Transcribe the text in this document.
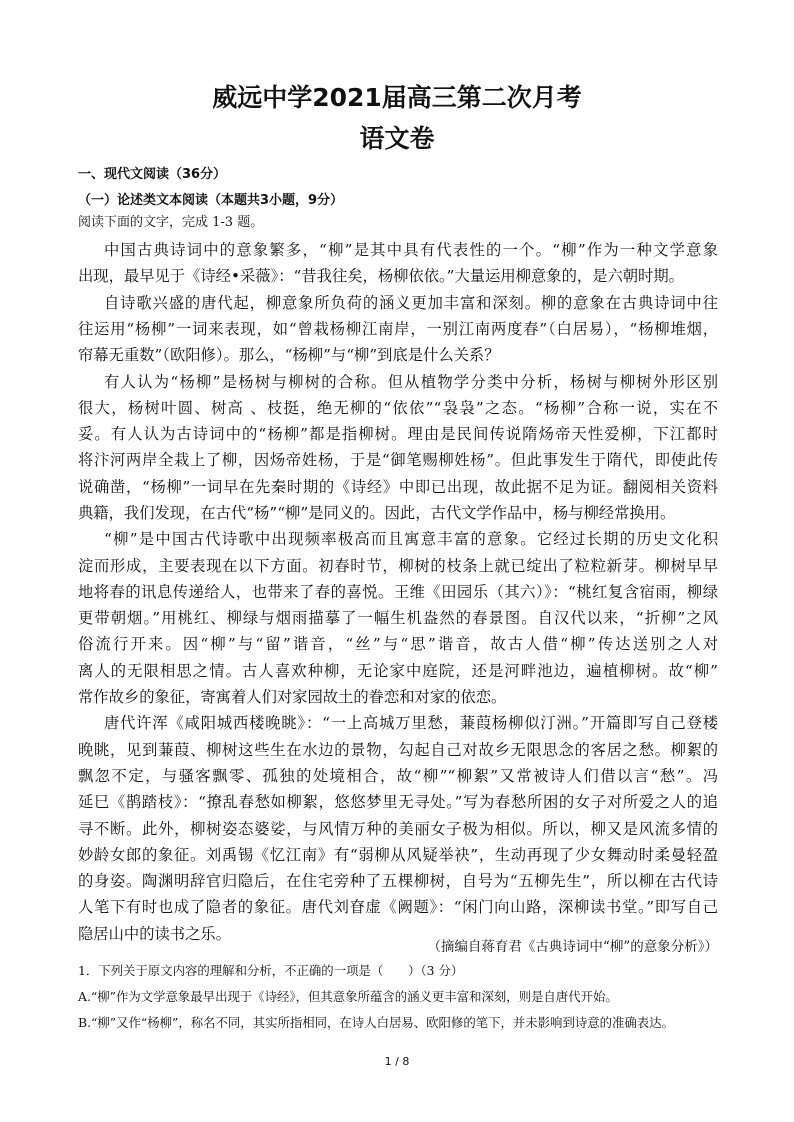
威远中学2021届高三第二次月考
语文卷
一、现代文阅读（36分）
（一）论述类文本阅读（本题共3小题，9分）
阅读下面的文字，完成 1-3 题。
中国古典诗词中的意象繁多，“柳”是其中具有代表性的一个。“柳”作为一种文学意象
出现，最早见于《诗经•采薇》：“昔我往矣，杨柳依依。”大量运用柳意象的，是六朝时期。
自诗歌兴盛的唐代起，柳意象所负荷的涵义更加丰富和深刻。柳的意象在古典诗词中往
往运用“杨柳”一词来表现，如“曾栽杨柳江南岸，一别江南两度春”（白居易），“杨柳堆烟，
帘幕无重数”（欧阳修）。那么，“杨柳”与“柳”到底是什么关系？
有人认为“杨柳”是杨树与柳树的合称。但从植物学分类中分析，杨树与柳树外形区别
很大，杨树叶圆、树高 、枝挺，绝无柳的“依依”“袅袅”之态。“杨柳”合称一说，实在不
妥。有人认为古诗词中的“杨柳”都是指柳树。理由是民间传说隋炀帝天性爱柳，下江都时
将汴河两岸全栽上了柳，因炀帝姓杨，于是“御笔赐柳姓杨”。但此事发生于隋代，即使此传
说确凿，“杨柳”一词早在先秦时期的《诗经》中即已出现，故此据不足为证。翻阅相关资料
典籍，我们发现，在古代“杨”“柳”是同义的。因此，古代文学作品中，杨与柳经常换用。
“柳”是中国古代诗歌中出现频率极高而且寓意丰富的意象。它经过长期的历史文化积
淀而形成，主要表现在以下方面。初春时节，柳树的枝条上就已绽出了粒粒新芽。柳树早早
地将春的讯息传递给人，也带来了春的喜悦。王维《田园乐（其六）》：“桃红复含宿雨，柳绿
更带朝烟。”用桃红、柳绿与烟雨描摹了一幅生机盎然的春景图。自汉代以来，“折柳”之风
俗流行开来。因“柳”与“留”谐音，“丝”与“思”谐音，故古人借“柳”传达送别之人对
离人的无限相思之情。古人喜欢种柳，无论家中庭院，还是河畔池边，遍植柳树。故“柳”
常作故乡的象征，寄寓着人们对家园故土的眷恋和对家的依恋。
唐代许浑《咸阳城西楼晚眺》：“一上高城万里愁，蒹葭杨柳似汀洲。”开篇即写自己登楼
晚眺，见到蒹葭、柳树这些生在水边的景物，勾起自己对故乡无限思念的客居之愁。柳絮的
飘忽不定，与骚客飘零、孤独的处境相合，故“柳”“柳絮”又常被诗人们借以言“愁”。冯
延巳《鹊踏枝》：“撩乱春愁如柳絮，悠悠梦里无寻处。”写为春愁所困的女子对所爱之人的追
寻不断。此外，柳树姿态婆娑，与风情万种的美丽女子极为相似。所以，柳又是风流多情的
妙龄女郎的象征。刘禹锡《忆江南》有“弱柳从风疑举袂”，生动再现了少女舞动时柔曼轻盈
的身姿。陶渊明辞官归隐后，在住宅旁种了五棵柳树，自号为“五柳先生”，所以柳在古代诗
人笔下有时也成了隐者的象征。唐代刘眘虚《阙题》：“闲门向山路，深柳读书堂。”即写自己
隐居山中的读书之乐。
（摘编自蒋育君《古典诗词中“柳”的意象分析》）
1．下列关于原文内容的理解和分析，不正确的一项是（　　）（3 分）
A.“柳”作为文学意象最早出现于《诗经》，但其意象所蕴含的涵义更丰富和深刻，则是自唐代开始。
B.“柳”又作“杨柳”，称名不同，其实所指相同，在诗人白居易、欧阳修的笔下，并未影响到诗意的准确表达。
1 / 8
